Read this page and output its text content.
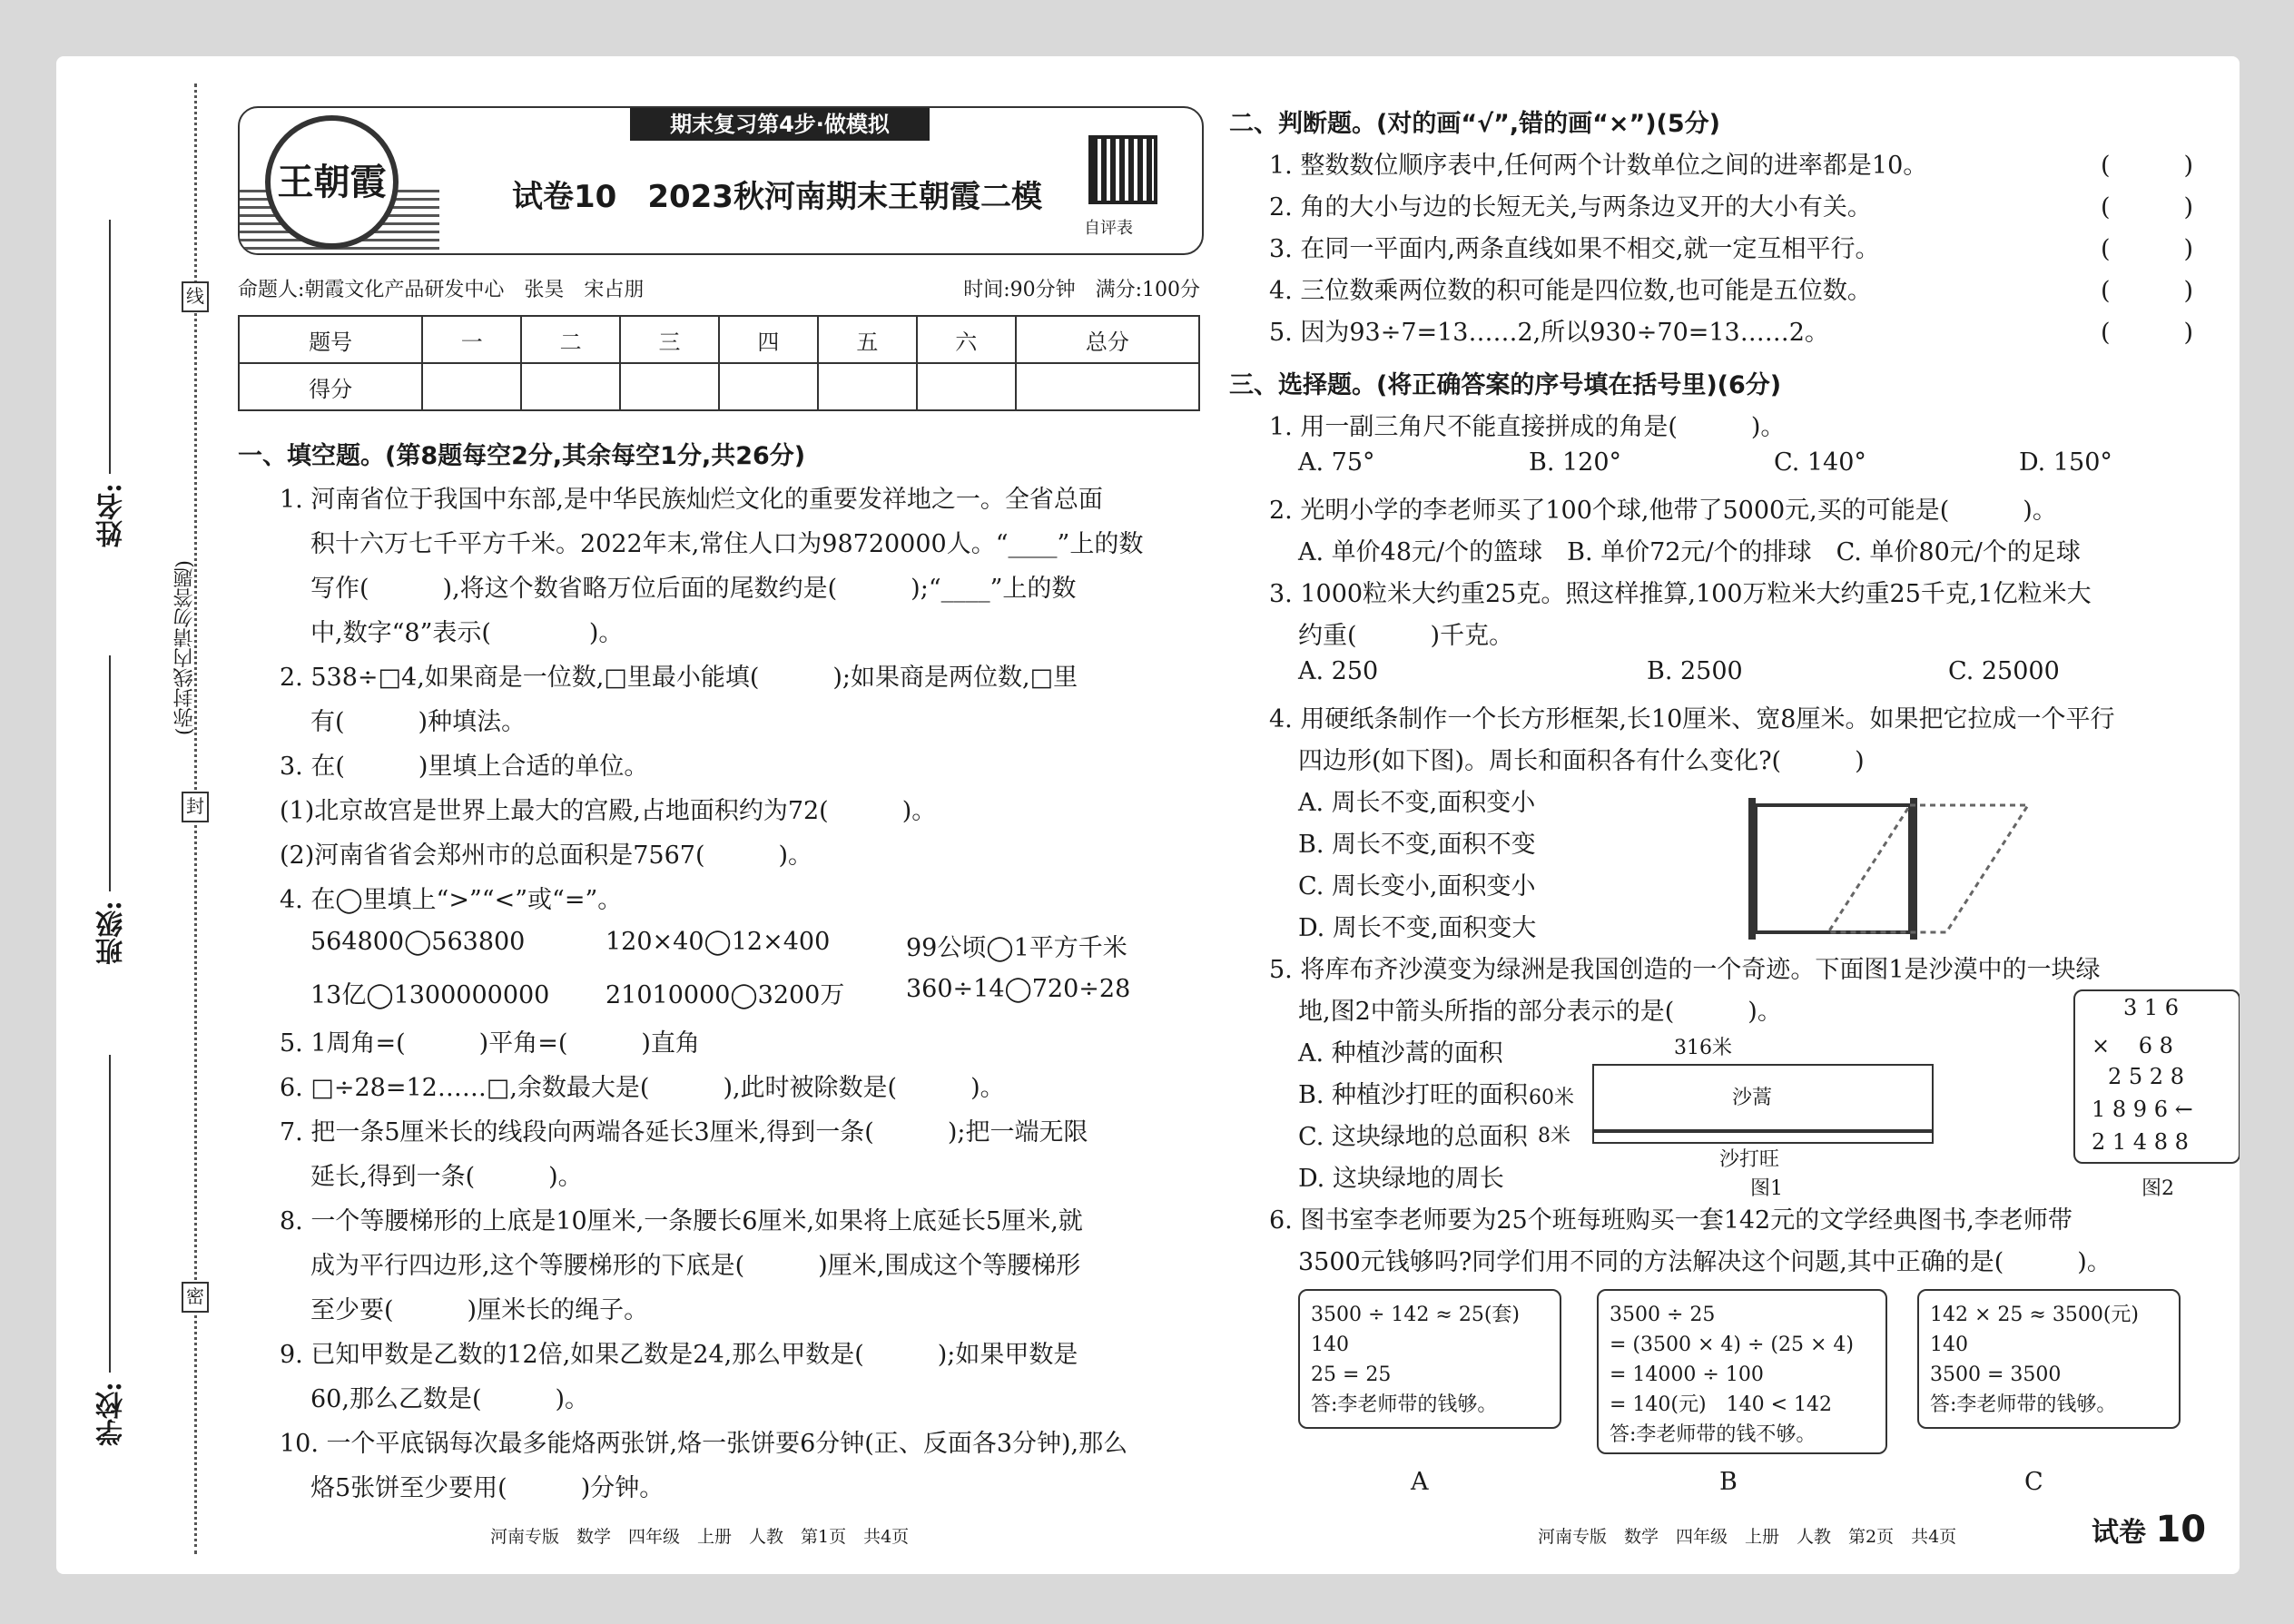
线
封
密
(弥封线内请勿答题)
姓名:
班级:
学校:
王朝霞
期末复习第4步·做模拟
试卷10　2023秋河南期末王朝霞二模
自评表
命题人:朝霞文化产品研发中心　张昊　宋占朋	时间:90分钟　满分:100分
题号	一	二	三	四	五	六	总分
得分							
一、填空题。(第8题每空2分,其余每空1分,共26分)
1. 河南省位于我国中东部,是中华民族灿烂文化的重要发祥地之一。全省总面
积十六万七千平方千米。2022年末,常住人口为98720000人。“____”上的数
写作(　　　),将这个数省略万位后面的尾数约是(　　　);“____”上的数
中,数字“8”表示(　　　　)。
2. 538÷□4,如果商是一位数,□里最小能填(　　　);如果商是两位数,□里
有(　　　)种填法。
3. 在(　　　)里填上合适的单位。
(1)北京故宫是世界上最大的宫殿,占地面积约为72(　　　)。
(2)河南省省会郑州市的总面积是7567(　　　)。
4. 在◯里填上“>”“<”或“=”。
564800◯563800	120×40◯12×400	99公顷◯1平方千米
13亿◯1300000000 21010000◯3200万	360÷14◯720÷28
5. 1周角=(　　　)平角=(　　　)直角
6. □÷28=12……□,余数最大是(　　　),此时被除数是(　　　)。
7. 把一条5厘米长的线段向两端各延长3厘米,得到一条(　　　);把一端无限
延长,得到一条(　　　)。
8. 一个等腰梯形的上底是10厘米,一条腰长6厘米,如果将上底延长5厘米,就
成为平行四边形,这个等腰梯形的下底是(　　　)厘米,围成这个等腰梯形
至少要(　　　)厘米长的绳子。
9. 已知甲数是乙数的12倍,如果乙数是24,那么甲数是(　　　);如果甲数是
60,那么乙数是(　　　)。
10. 一个平底锅每次最多能烙两张饼,烙一张饼要6分钟(正、反面各3分钟),那么
烙5张饼至少要用(　　　)分钟。
河南专版　数学　四年级　上册　人教　第1页　共4页
二、判断题。(对的画“√”,错的画“×”)(5分)
1. 整数数位顺序表中,任何两个计数单位之间的进率都是10。
2. 角的大小与边的长短无关,与两条边叉开的大小有关。
3. 在同一平面内,两条直线如果不相交,就一定互相平行。
4. 三位数乘两位数的积可能是四位数,也可能是五位数。
5. 因为93÷7=13……2,所以930÷70=13……2。
(　　　)
(　　　)
(　　　)
(　　　)
(　　　)
三、选择题。(将正确答案的序号填在括号里)(6分)
1. 用一副三角尺不能直接拼成的角是(　　　)。
A. 75°	B. 120°	C. 140°	D. 150°
2. 光明小学的李老师买了100个球,他带了5000元,买的可能是(　　　)。
A. 单价48元/个的篮球　B. 单价72元/个的排球　C. 单价80元/个的足球
3. 1000粒米大约重25克。照这样推算,100万粒米大约重25千克,1亿粒米大
约重(　　　)千克。
A. 250	B. 2500	C. 25000
4. 用硬纸条制作一个长方形框架,长10厘米、宽8厘米。如果把它拉成一个平行
四边形(如下图)。周长和面积各有什么变化?(　　　)
A. 周长不变,面积变小
B. 周长不变,面积不变
C. 周长变小,面积变小
D. 周长不变,面积变大
5. 将库布齐沙漠变为绿洲是我国创造的一个奇迹。下面图1是沙漠中的一块绿
地,图2中箭头所指的部分表示的是(　　　)。
A. 种植沙蒿的面积
B. 种植沙打旺的面积
C. 这块绿地的总面积
D. 这块绿地的周长
316米
60米
8米
沙蒿
沙打旺
图1
3 1 6
×　 6 8
2 5 2 8
1 8 9 6 ←
2 1 4 8 8
图2
6. 图书室李老师要为25个班每班购买一套142元的文学经典图书,李老师带
3500元钱够吗?同学们用不同的方法解决这个问题,其中正确的是(　　　)。
3500 ÷ 142 ≈ 25(套)
140
25 = 25
答:李老师带的钱够。
3500 ÷ 25
= (3500 × 4) ÷ (25 × 4)
= 14000 ÷ 100
= 140(元)　140 < 142
答:李老师带的钱不够。
142 × 25 ≈ 3500(元)
140
3500 = 3500
答:李老师带的钱够。
A	B	C
河南专版　数学　四年级　上册　人教　第2页　共4页	试卷 10
